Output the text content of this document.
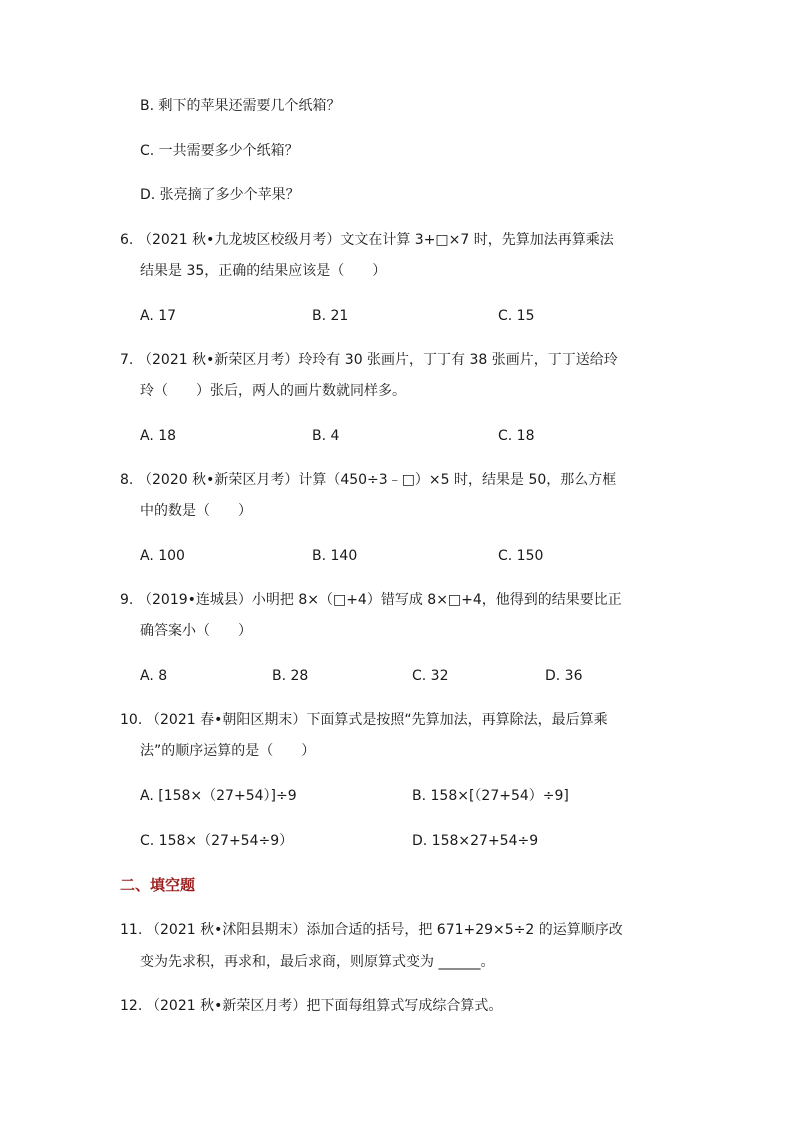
B. 剩下的苹果还需要几个纸箱？
C. 一共需要多少个纸箱？
D. 张亮摘了多少个苹果？
6. （2021 秋•九龙坡区校级月考）文文在计算 3+□×7 时，先算加法再算乘法
结果是 35，正确的结果应该是（　　）
A. 17	B. 21	C. 15
7. （2021 秋•新荣区月考）玲玲有 30 张画片，丁丁有 38 张画片，丁丁送给玲
玲（　　）张后，两人的画片数就同样多。
A. 18	B. 4	C. 18
8. （2020 秋•新荣区月考）计算（450÷3﹣□）×5 时，结果是 50，那么方框
中的数是（　　）
A. 100	B. 140	C. 150
9. （2019•连城县）小明把 8×（□+4）错写成 8×□+4，他得到的结果要比正
确答案小（　　）
A. 8	B. 28	C. 32	D. 36
10. （2021 春•朝阳区期末）下面算式是按照“先算加法，再算除法，最后算乘
法”的顺序运算的是（　　）
A. [158×（27+54）]÷9	B. 158×[（27+54）÷9]
C. 158×（27+54÷9）	D. 158×27+54÷9
二、填空题
11. （2021 秋•沭阳县期末）添加合适的括号，把 671+29×5÷2 的运算顺序改
变为先求积，再求和，最后求商，则原算式变为 ______。
12. （2021 秋•新荣区月考）把下面每组算式写成综合算式。
